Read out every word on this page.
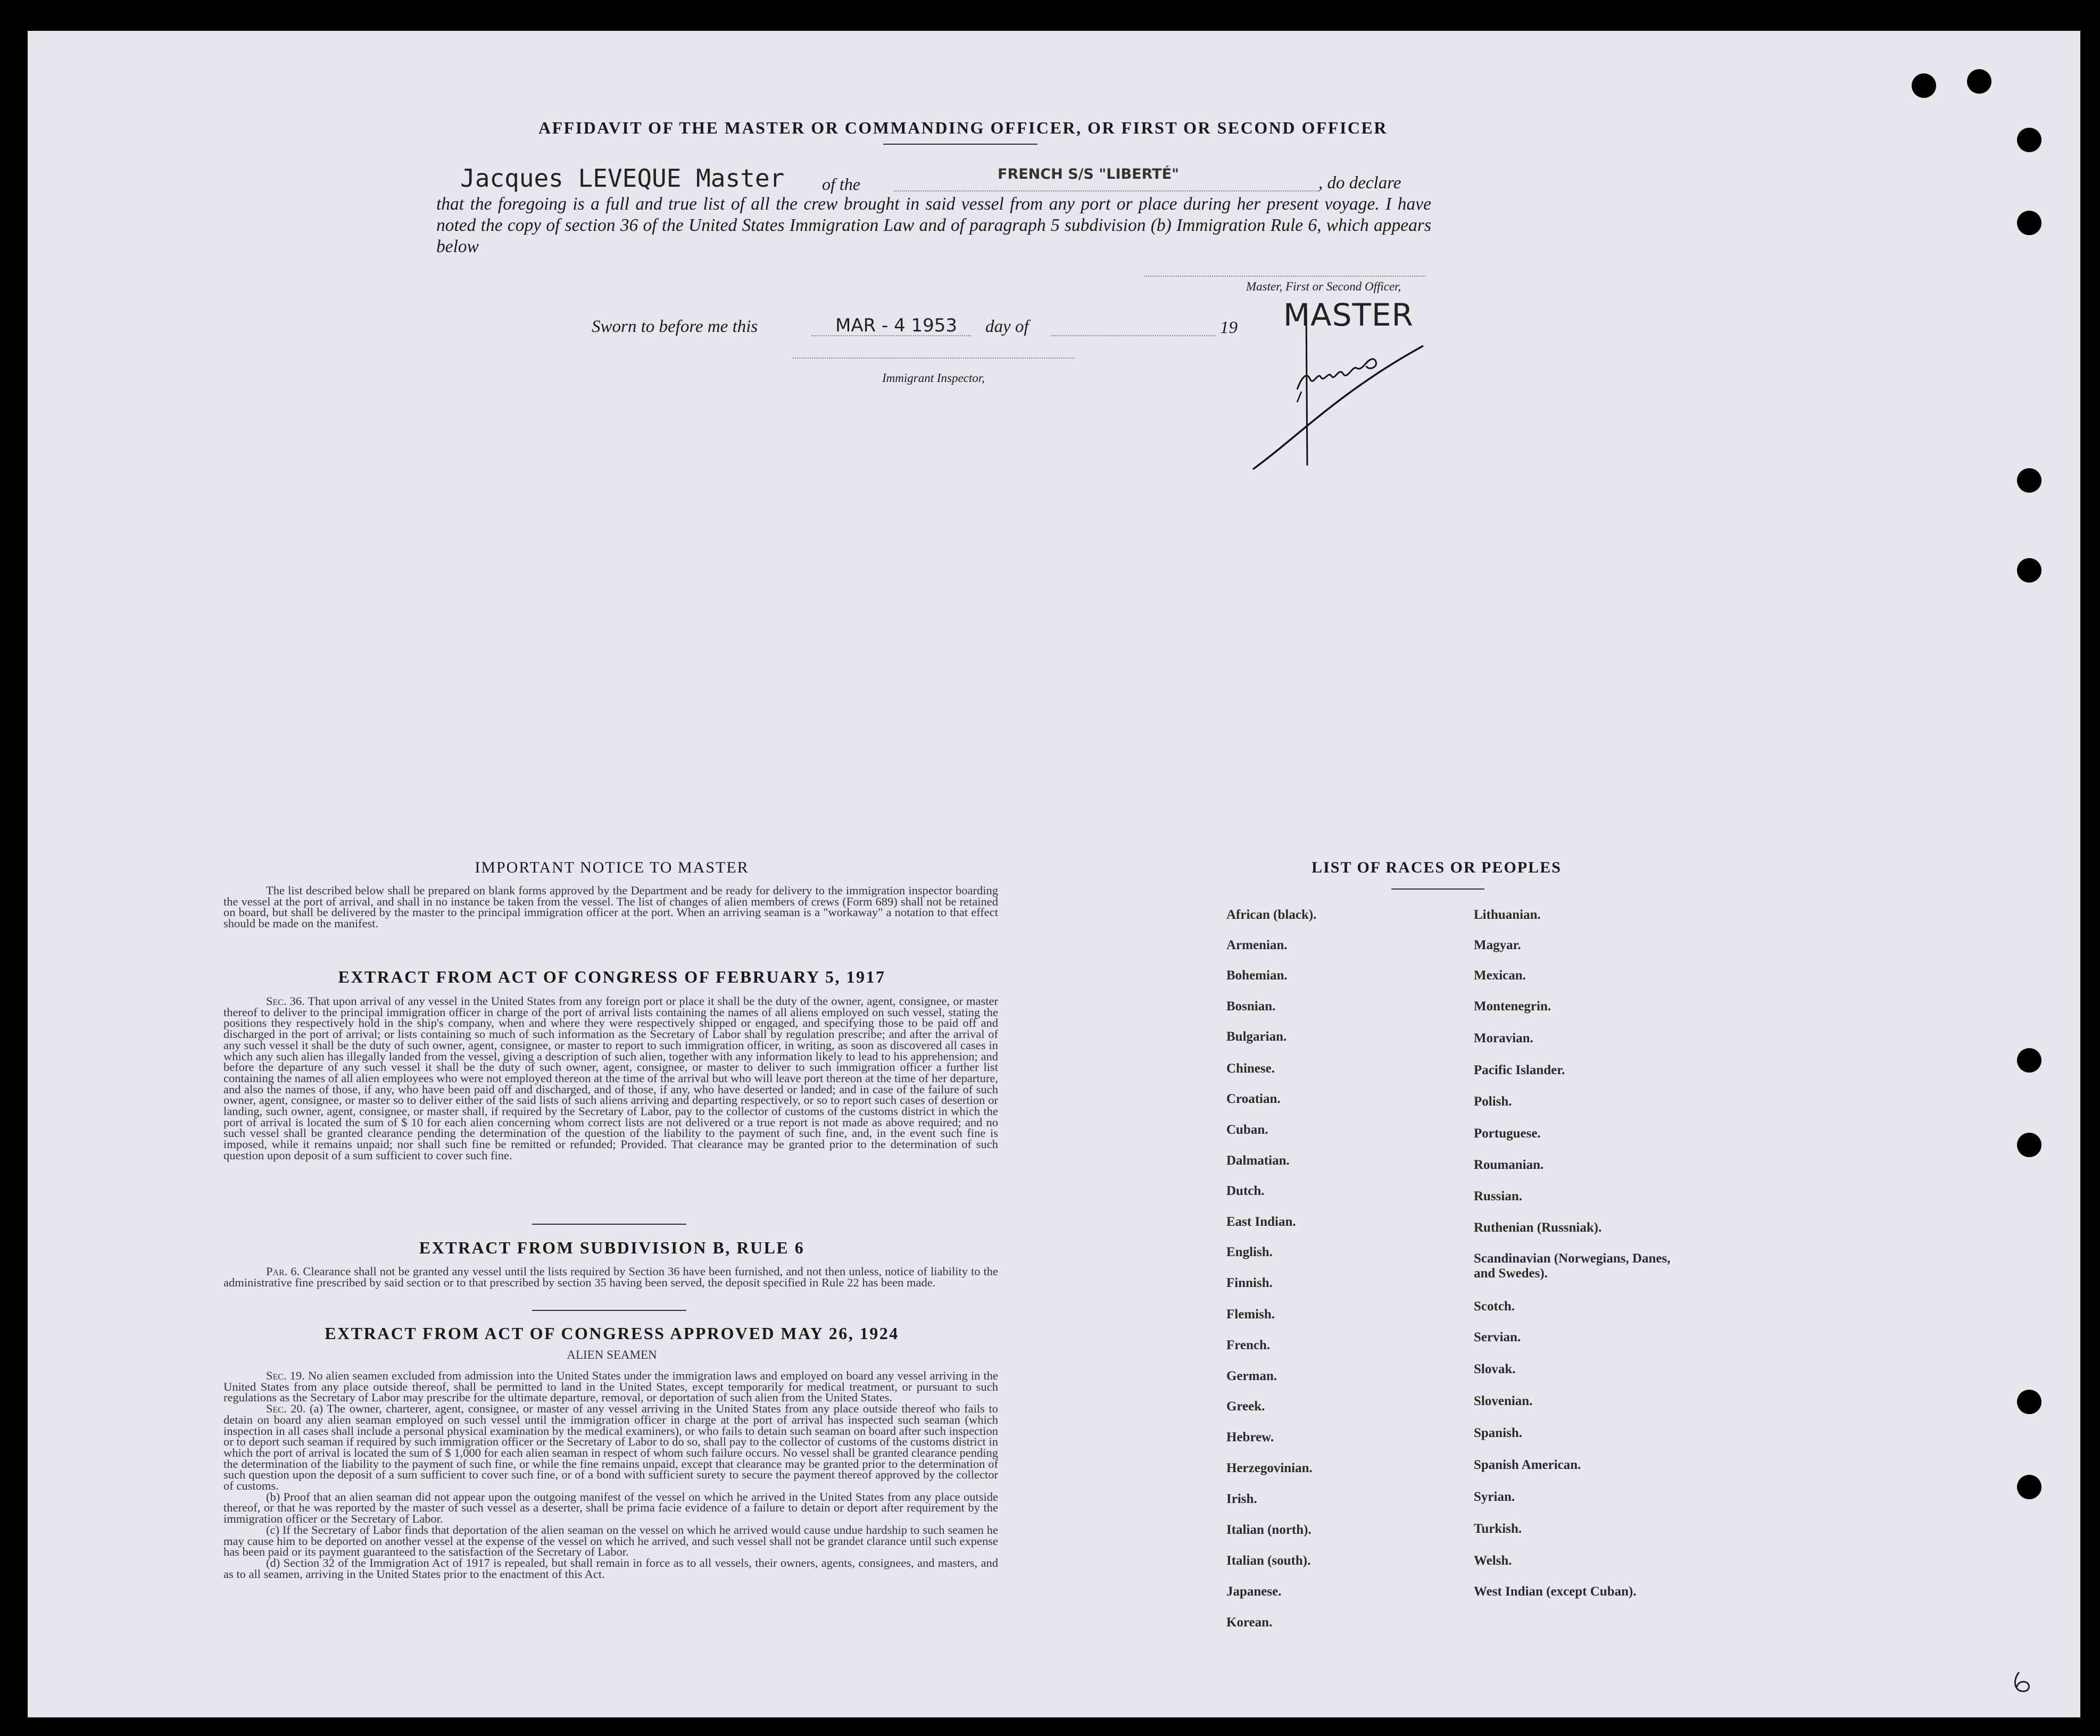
AFFIDAVIT OF THE MASTER OR COMMANDING OFFICER, OR FIRST OR SECOND OFFICER
Jacques LEVEQUE Master of the
FRENCH S/S "LIBERTÉ"	, do declare
that the foregoing is a full and true list of all the crew brought in said vessel from any port or place during her present voyage. I have noted the copy of section 36 of the United States Immigration Law and of paragraph 5 subdivision (b) Immigration Rule 6, which appears below
Master, First or Second Officer,
MASTER
Sworn to before me this	MAR - 4 1953 day of	19
Immigrant Inspector,
IMPORTANT NOTICE TO MASTER

The list described below shall be prepared on blank forms approved by the Department and be ready for delivery to the immigration inspector boarding the vessel at the port of arrival, and shall in no instance be taken from the vessel. The list of changes of alien members of crews (Form 689) shall not be retained on board, but shall be delivered by the master to the principal immigration officer at the port. When an arriving seaman is a "workaway" a notation to that effect should be made on the manifest.

EXTRACT FROM ACT OF CONGRESS OF FEBRUARY 5, 1917

Sec. 36. That upon arrival of any vessel in the United States from any foreign port or place it shall be the duty of the owner, agent, consignee, or master thereof to deliver to the principal immigration officer in charge of the port of arrival lists containing the names of all aliens employed on such vessel, stating the positions they respectively hold in the ship's company, when and where they were respectively shipped or engaged, and specifying those to be paid off and discharged in the port of arrival; or lists containing so much of such information as the Secretary of Labor shall by regulation prescribe; and after the arrival of any such vessel it shall be the duty of such owner, agent, consignee, or master to report to such immigration officer, in writing, as soon as discovered all cases in which any such alien has illegally landed from the vessel, giving a description of such alien, together with any information likely to lead to his apprehension; and before the departure of any such vessel it shall be the duty of such owner, agent, consignee, or master to deliver to such immigration officer a further list containing the names of all alien employees who were not employed thereon at the time of the arrival but who will leave port thereon at the time of her departure, and also the names of those, if any, who have been paid off and discharged, and of those, if any, who have deserted or landed; and in case of the failure of such owner, agent, consignee, or master so to deliver either of the said lists of such aliens arriving and departing respectively, or so to report such cases of desertion or landing, such owner, agent, consignee, or master shall, if required by the Secretary of Labor, pay to the collector of customs of the customs district in which the port of arrival is located the sum of $ 10 for each alien concerning whom correct lists are not delivered or a true report is not made as above required; and no such vessel shall be granted clearance pending the determination of the question of the liability to the payment of such fine, and, in the event such fine is imposed, while it remains unpaid; nor shall such fine be remitted or refunded; Provided. That clearance may be granted prior to the determination of such question upon deposit of a sum sufficient to cover such fine.

EXTRACT FROM SUBDIVISION B, RULE 6

Par. 6. Clearance shall not be granted any vessel until the lists required by Section 36 have been furnished, and not then unless, notice of liability to the administrative fine prescribed by said section or to that prescribed by section 35 having been served, the deposit specified in Rule 22 has been made.

EXTRACT FROM ACT OF CONGRESS APPROVED MAY 26, 1924
ALIEN SEAMEN

Sec. 19. No alien seamen excluded from admission into the United States under the immigration laws and employed on board any vessel arriving in the United States from any place outside thereof, shall be permitted to land in the United States, except temporarily for medical treatment, or pursuant to such regulations as the Secretary of Labor may prescribe for the ultimate departure, removal, or deportation of such alien from the United States.

Sec. 20. (a) The owner, charterer, agent, consignee, or master of any vessel arriving in the United States from any place outside thereof who fails to detain on board any alien seaman employed on such vessel until the immigration officer in charge at the port of arrival has inspected such seaman (which inspection in all cases shall include a personal physical examination by the medical examiners), or who fails to detain such seaman on board after such inspection or to deport such seaman if required by such immigration officer or the Secretary of Labor to do so, shall pay to the collector of customs of the customs district in which the port of arrival is located the sum of $ 1,000 for each alien seaman in respect of whom such failure occurs. No vessel shall be granted clearance pending the determination of the liability to the payment of such fine, or while the fine remains unpaid, except that clearance may be granted prior to the determination of such question upon the deposit of a sum sufficient to cover such fine, or of a bond with sufficient surety to secure the payment thereof approved by the collector of customs.

(b) Proof that an alien seaman did not appear upon the outgoing manifest of the vessel on which he arrived in the United States from any place outside thereof, or that he was reported by the master of such vessel as a deserter, shall be prima facie evidence of a failure to detain or deport after requirement by the immigration officer or the Secretary of Labor.

(c) If the Secretary of Labor finds that deportation of the alien seaman on the vessel on which he arrived would cause undue hardship to such seamen he may cause him to be deported on another vessel at the expense of the vessel on which he arrived, and such vessel shall not be grandet clarance until such expense has been paid or its payment guaranteed to the satisfaction of the Secretary of Labor.

(d) Section 32 of the Immigration Act of 1917 is repealed, but shall remain in force as to all vessels, their owners, agents, consignees, and masters, and as to all seamen, arriving in the United States prior to the enactment of this Act.

LIST OF RACES OR PEOPLES
African (black).
Armenian.
Bohemian.
Bosnian.
Bulgarian.
Chinese.
Croatian.
Cuban.
Dalmatian.
Dutch.
East Indian.
English.
Finnish.
Flemish.
French.
German.
Greek.
Hebrew.
Herzegovinian.
Irish.
Italian (north).
Italian (south).
Japanese.
Korean.
Lithuanian.
Magyar.
Mexican.
Montenegrin.
Moravian.
Pacific Islander.
Polish.
Portuguese.
Roumanian.
Russian.
Ruthenian (Russniak).
Scandinavian (Norwegians, Danes, and Swedes).
Scotch.
Servian.
Slovak.
Slovenian.
Spanish.
Spanish American.
Syrian.
Turkish.
Welsh.
West Indian (except Cuban).
